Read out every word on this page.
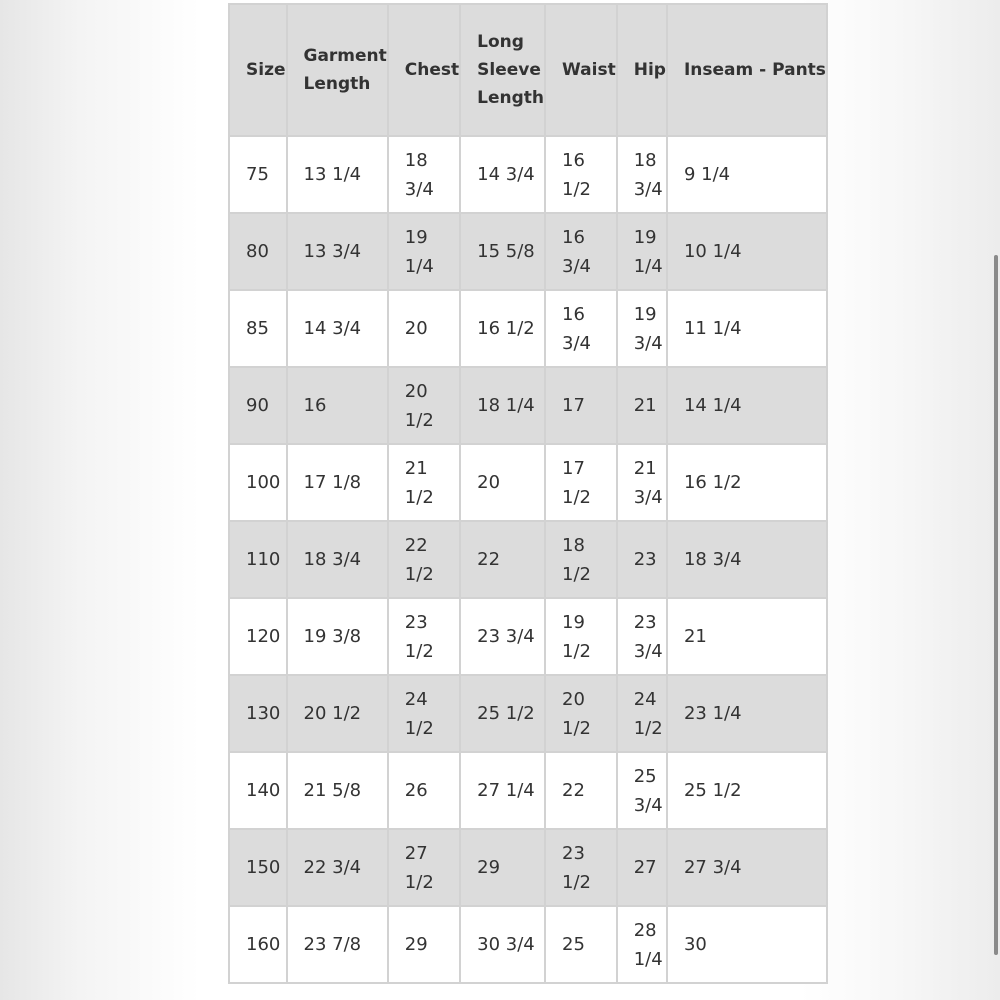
Size	Garment Length	Chest	Long Sleeve Length	Waist	Hip	Inseam - Pants
75	13 1/4	18 3/4	14 3/4	16 1/2	18 3/4	9 1/4
80	13 3/4	19 1/4	15 5/8	16 3/4	19 1/4	10 1/4
85	14 3/4	20	16 1/2	16 3/4	19 3/4	11 1/4
90	16	20 1/2	18 1/4	17	21	14 1/4
100	17 1/8	21 1/2	20	17 1/2	21 3/4	16 1/2
110	18 3/4	22 1/2	22	18 1/2	23	18 3/4
120	19 3/8	23 1/2	23 3/4	19 1/2	23 3/4	21
130	20 1/2	24 1/2	25 1/2	20 1/2	24 1/2	23 1/4
140	21 5/8	26	27 1/4	22	25 3/4	25 1/2
150	22 3/4	27 1/2	29	23 1/2	27	27 3/4
160	23 7/8	29	30 3/4	25	28 1/4	30
